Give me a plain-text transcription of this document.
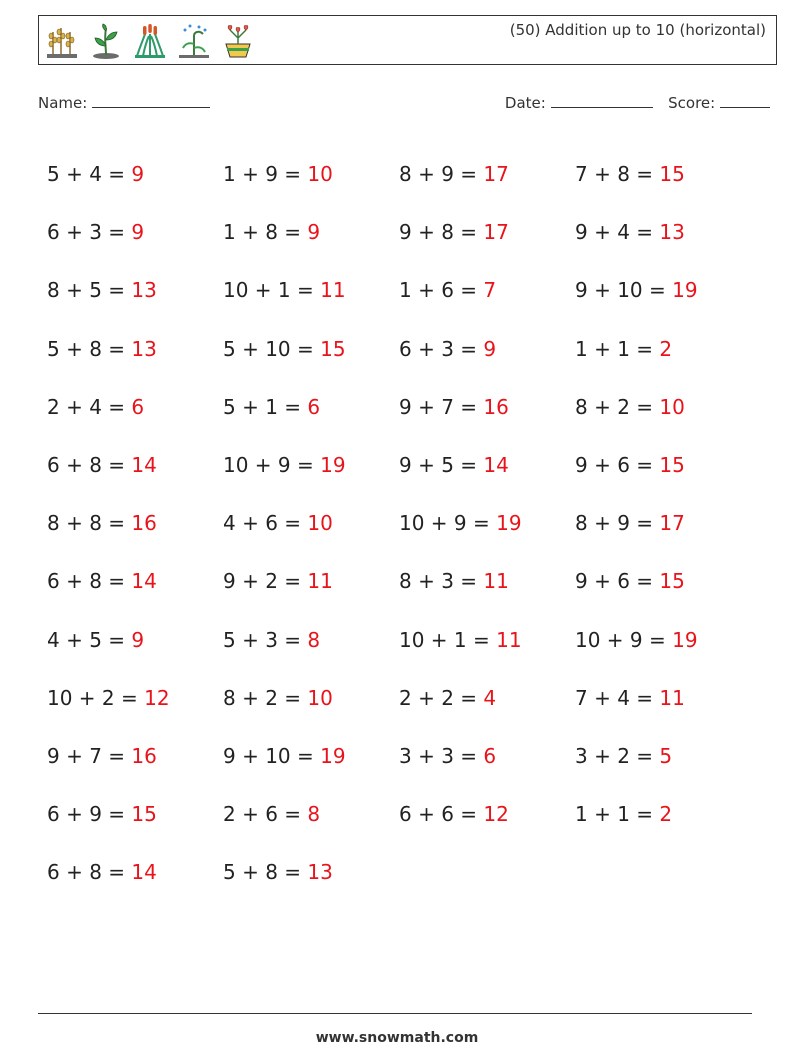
(50) Addition up to 10 (horizontal)
Name:	Date:	Score:
5 + 4 = 9	1 + 9 = 10	8 + 9 = 17	7 + 8 = 15
6 + 3 = 9	1 + 8 = 9	9 + 8 = 17	9 + 4 = 13
8 + 5 = 13	10 + 1 = 11	1 + 6 = 7	9 + 10 = 19
5 + 8 = 13	5 + 10 = 15	6 + 3 = 9	1 + 1 = 2
2 + 4 = 6	5 + 1 = 6	9 + 7 = 16	8 + 2 = 10
6 + 8 = 14	10 + 9 = 19	9 + 5 = 14	9 + 6 = 15
8 + 8 = 16	4 + 6 = 10	10 + 9 = 19	8 + 9 = 17
6 + 8 = 14	9 + 2 = 11	8 + 3 = 11	9 + 6 = 15
4 + 5 = 9	5 + 3 = 8	10 + 1 = 11	10 + 9 = 19
10 + 2 = 12	8 + 2 = 10	2 + 2 = 4	7 + 4 = 11
9 + 7 = 16	9 + 10 = 19	3 + 3 = 6	3 + 2 = 5
6 + 9 = 15	2 + 6 = 8	6 + 6 = 12	1 + 1 = 2
6 + 8 = 14	5 + 8 = 13
www.snowmath.com
